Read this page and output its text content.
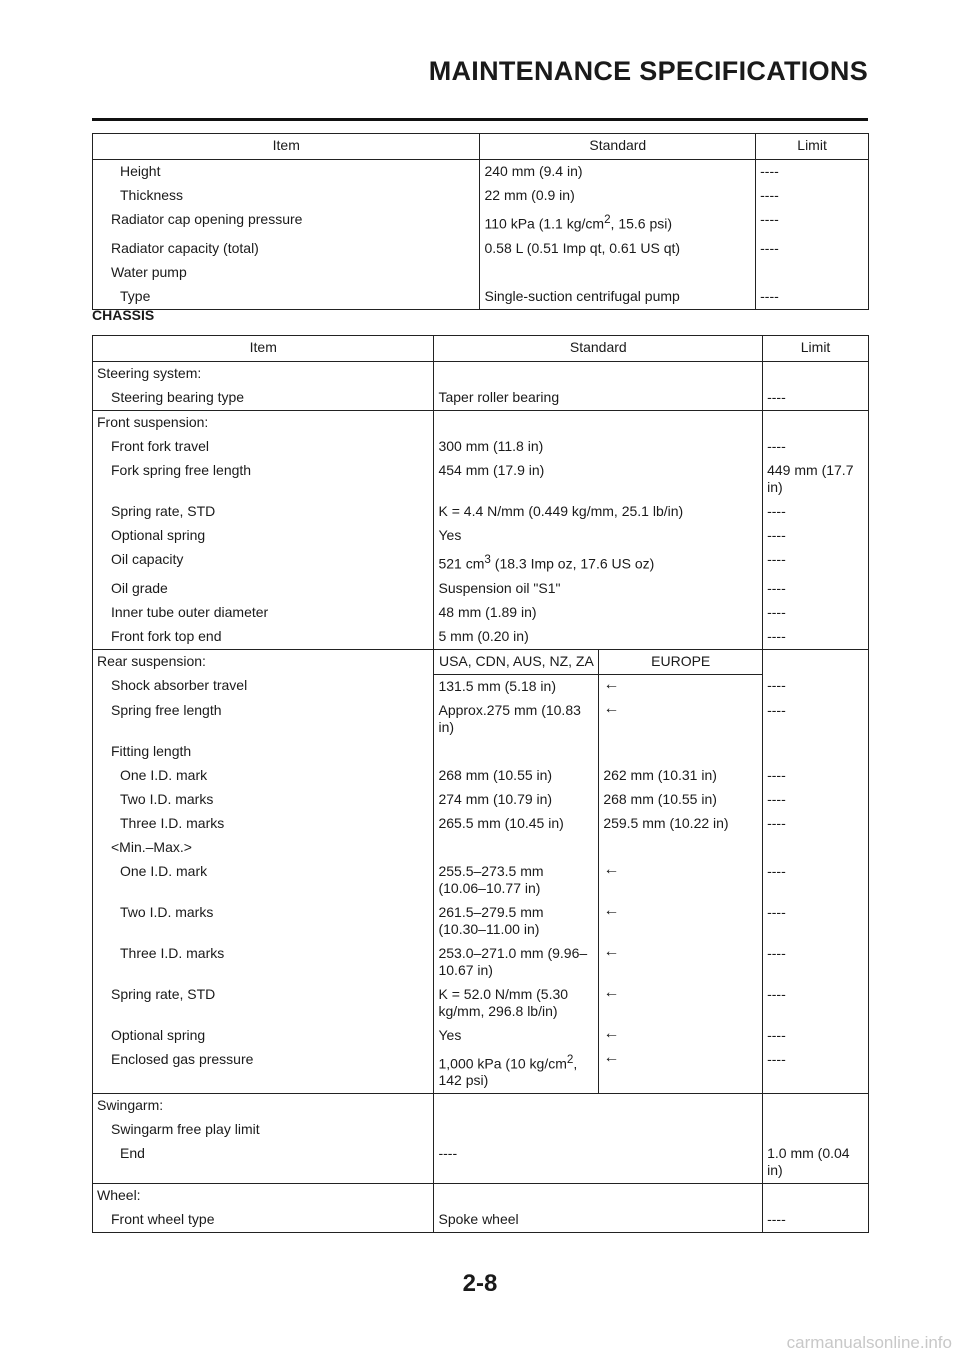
MAINTENANCE SPECIFICATIONS
Item	Standard	Limit
Height	240 mm (9.4 in)	----
Thickness	22 mm (0.9 in)	----
Radiator cap opening pressure	110 kPa (1.1 $kg/cm^2$, 15.6 psi)	----
Radiator capacity (total)	0.58 L (0.51 Imp qt, 0.61 US qt)	----
Water pump		
Type	Single-suction centrifugal pump	----
CHASSIS
Item	Standard		Limit
Steering system:			
Steering bearing type	Taper roller bearing		----
Front suspension:			
Front fork travel	300 mm (11.8 in)		----
Fork spring free length	454 mm (17.9 in)		449 mm (17.7 in)
Spring rate, STD	K = 4.4 N/mm (0.449 kg/mm, 25.1 lb/in)		----
Optional spring	Yes		----
Oil capacity	521 $cm^3$ (18.3 Imp oz, 17.6 US oz)		----
Oil grade	Suspension oil "S1"		----
Inner tube outer diameter	48 mm (1.89 in)		----
Front fork top end	5 mm (0.20 in)		----
Rear suspension:	USA, CDN, AUS, NZ, ZA	EUROPE	
Shock absorber travel	131.5 mm (5.18 in)	←	----
Spring free length	Approx.275 mm (10.83 in)	←	----
Fitting length			
One I.D. mark	268 mm (10.55 in)	262 mm (10.31 in)	----
Two I.D. marks	274 mm (10.79 in)	268 mm (10.55 in)	----
Three I.D. marks	265.5 mm (10.45 in)	259.5 mm (10.22 in)	----
<Min.–Max.>			
One I.D. mark	255.5–273.5 mm (10.06–10.77 in)	←	----
Two I.D. marks	261.5–279.5 mm (10.30–11.00 in)	←	----
Three I.D. marks	253.0–271.0 mm (9.96–10.67 in)	←	----
Spring rate, STD	K = 52.0 N/mm (5.30 kg/mm, 296.8 lb/in)	←	----
Optional spring	Yes	←	----
Enclosed gas pressure	1,000 kPa (10 $kg/cm^2$, 142 psi)	←	----
Swingarm:			
Swingarm free play limit			
End	----		1.0 mm (0.04 in)
Wheel:			
Front wheel type	Spoke wheel		----
2-8
carmanualsonline.info
